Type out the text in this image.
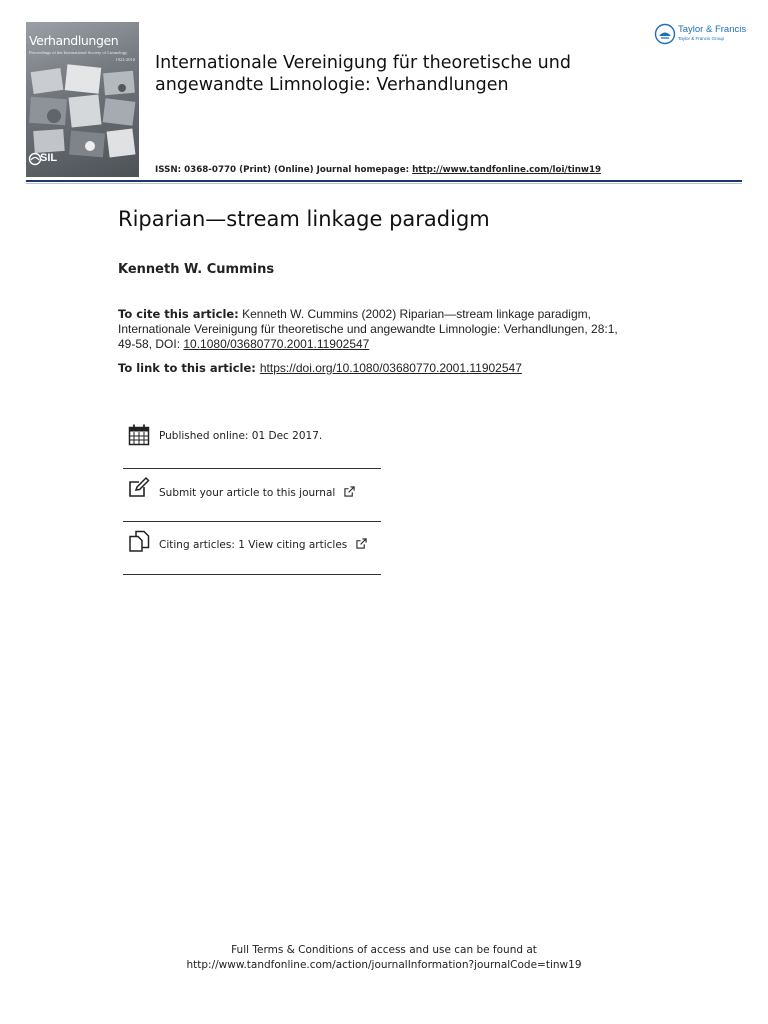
Verhandlungen
Proceedings of the International Society of Limnology
1922-2010
SIL
Internationale Vereinigung für theoretische und angewandte Limnologie: Verhandlungen
Taylor & Francis
Taylor & Francis Group
ISSN: 0368-0770 (Print) (Online) Journal homepage: http://www.tandfonline.com/loi/tinw19
Riparian—stream linkage paradigm
Kenneth W. Cummins
To cite this article: Kenneth W. Cummins (2002) Riparian—stream linkage paradigm, Internationale Vereinigung für theoretische und angewandte Limnologie: Verhandlungen, 28:1, 49-58, DOI: 10.1080/03680770.2001.11902547
To link to this article: https://doi.org/10.1080/03680770.2001.11902547
Published online: 01 Dec 2017.
Submit your article to this journal
Citing articles: 1 View citing articles
Full Terms & Conditions of access and use can be found at
http://www.tandfonline.com/action/journalInformation?journalCode=tinw19
